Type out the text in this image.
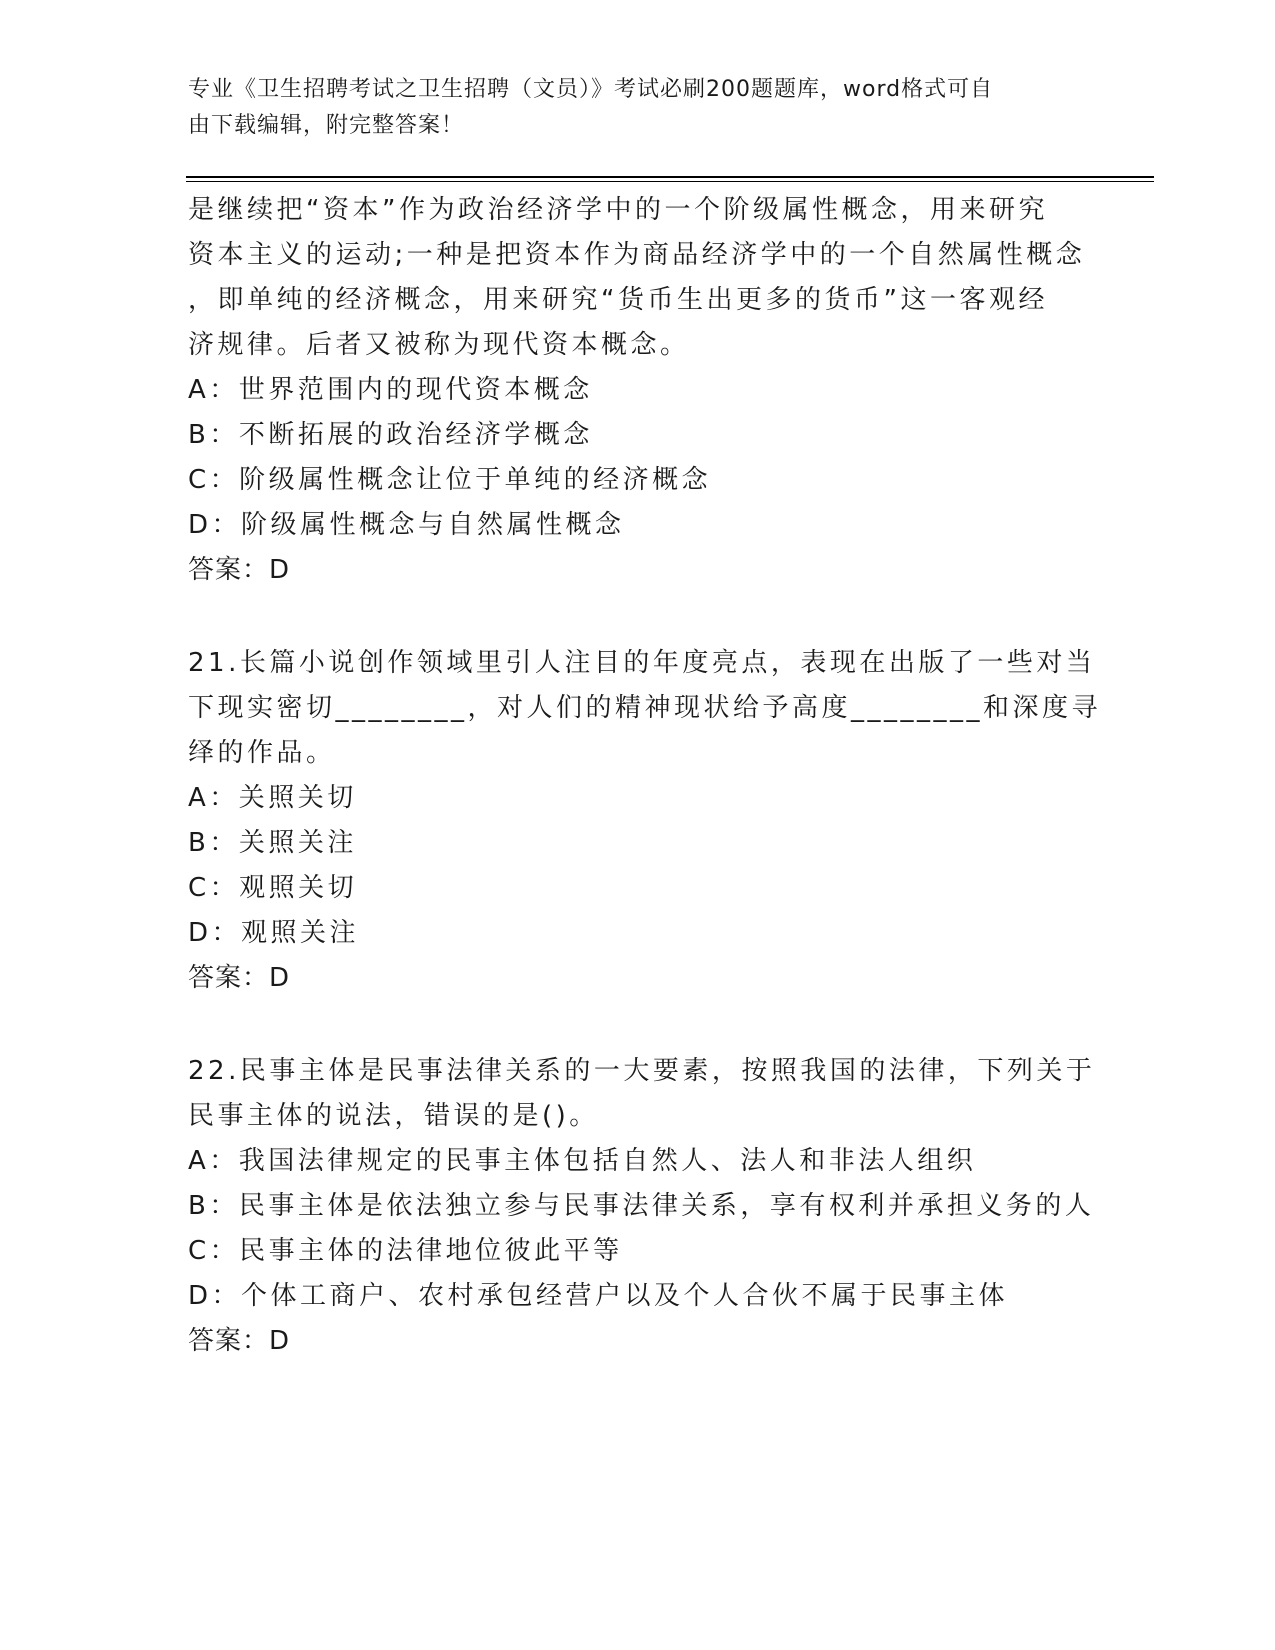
专业《卫生招聘考试之卫生招聘（文员）》考试必刷200题题库，word格式可自
由下载编辑，附完整答案！
是继续把“资本”作为政治经济学中的一个阶级属性概念，用来研究
资本主义的运动;一种是把资本作为商品经济学中的一个自然属性概念
，即单纯的经济概念，用来研究“货币生出更多的货币”这一客观经
济规律。后者又被称为现代资本概念。
A：世界范围内的现代资本概念
B：不断拓展的政治经济学概念
C：阶级属性概念让位于单纯的经济概念
D：阶级属性概念与自然属性概念
答案：D
21.长篇小说创作领域里引人注目的年度亮点，表现在出版了一些对当
下现实密切________，对人们的精神现状给予高度________和深度寻
绎的作品。
A：关照关切
B：关照关注
C：观照关切
D：观照关注
答案：D
22.民事主体是民事法律关系的一大要素，按照我国的法律，下列关于
民事主体的说法，错误的是()。
A：我国法律规定的民事主体包括自然人、法人和非法人组织
B：民事主体是依法独立参与民事法律关系，享有权利并承担义务的人
C：民事主体的法律地位彼此平等
D：个体工商户、农村承包经营户以及个人合伙不属于民事主体
答案：D
